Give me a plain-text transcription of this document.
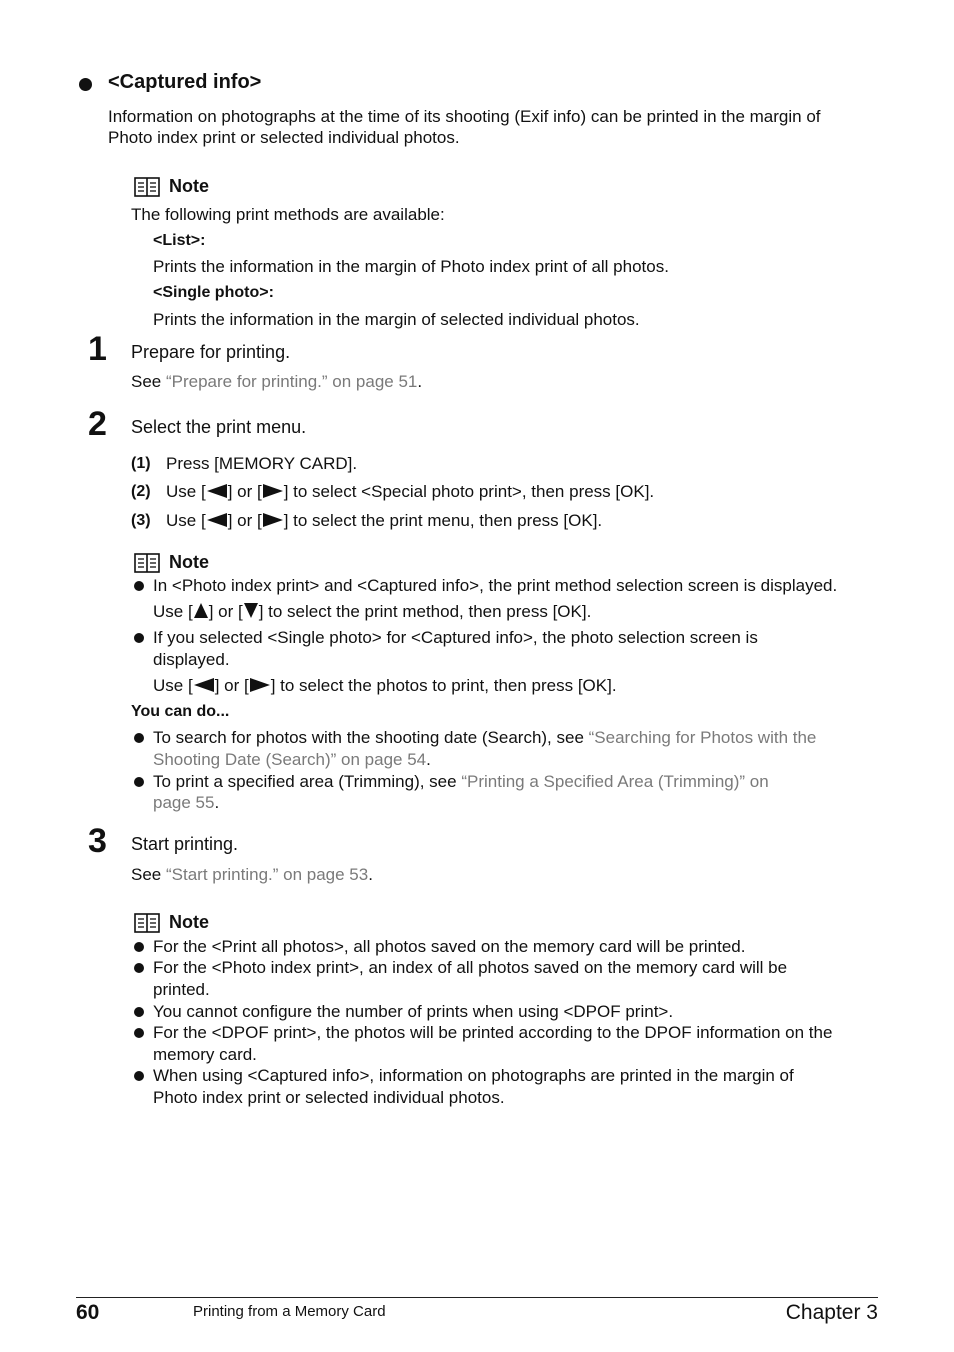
<Captured info>
Information on photographs at the time of its shooting (Exif info) can be printed in the margin of
Photo index print or selected individual photos.
Note
The following print methods are available:
<List>:
Prints the information in the margin of Photo index print of all photos.
<Single photo>:
Prints the information in the margin of selected individual photos.
1 Prepare for printing.
See “Prepare for printing.” on page 51.
2 Select the print menu.
(1) Press [MEMORY CARD].
(2) Use [ ] or [ ] to select <Special photo print>, then press [OK].
(3) Use [ ] or [ ] to select the print menu, then press [OK].
Note
In <Photo index print> and <Captured info>, the print method selection screen is displayed.
Use [ ] or [ ] to select the print method, then press [OK].
If you selected <Single photo> for <Captured info>, the photo selection screen is
displayed.
Use [ ] or [ ] to select the photos to print, then press [OK].
You can do...
To search for photos with the shooting date (Search), see “Searching for Photos with the
Shooting Date (Search)” on page 54.
To print a specified area (Trimming), see “Printing a Specified Area (Trimming)” on
page 55.
3 Start printing.
See “Start printing.” on page 53.
Note
For the <Print all photos>, all photos saved on the memory card will be printed.
For the <Photo index print>, an index of all photos saved on the memory card will be
printed.
You cannot configure the number of prints when using <DPOF print>.
For the <DPOF print>, the photos will be printed according to the DPOF information on the
memory card.
When using <Captured info>, information on photographs are printed in the margin of
Photo index print or selected individual photos.
60	Printing from a Memory Card	Chapter 3
